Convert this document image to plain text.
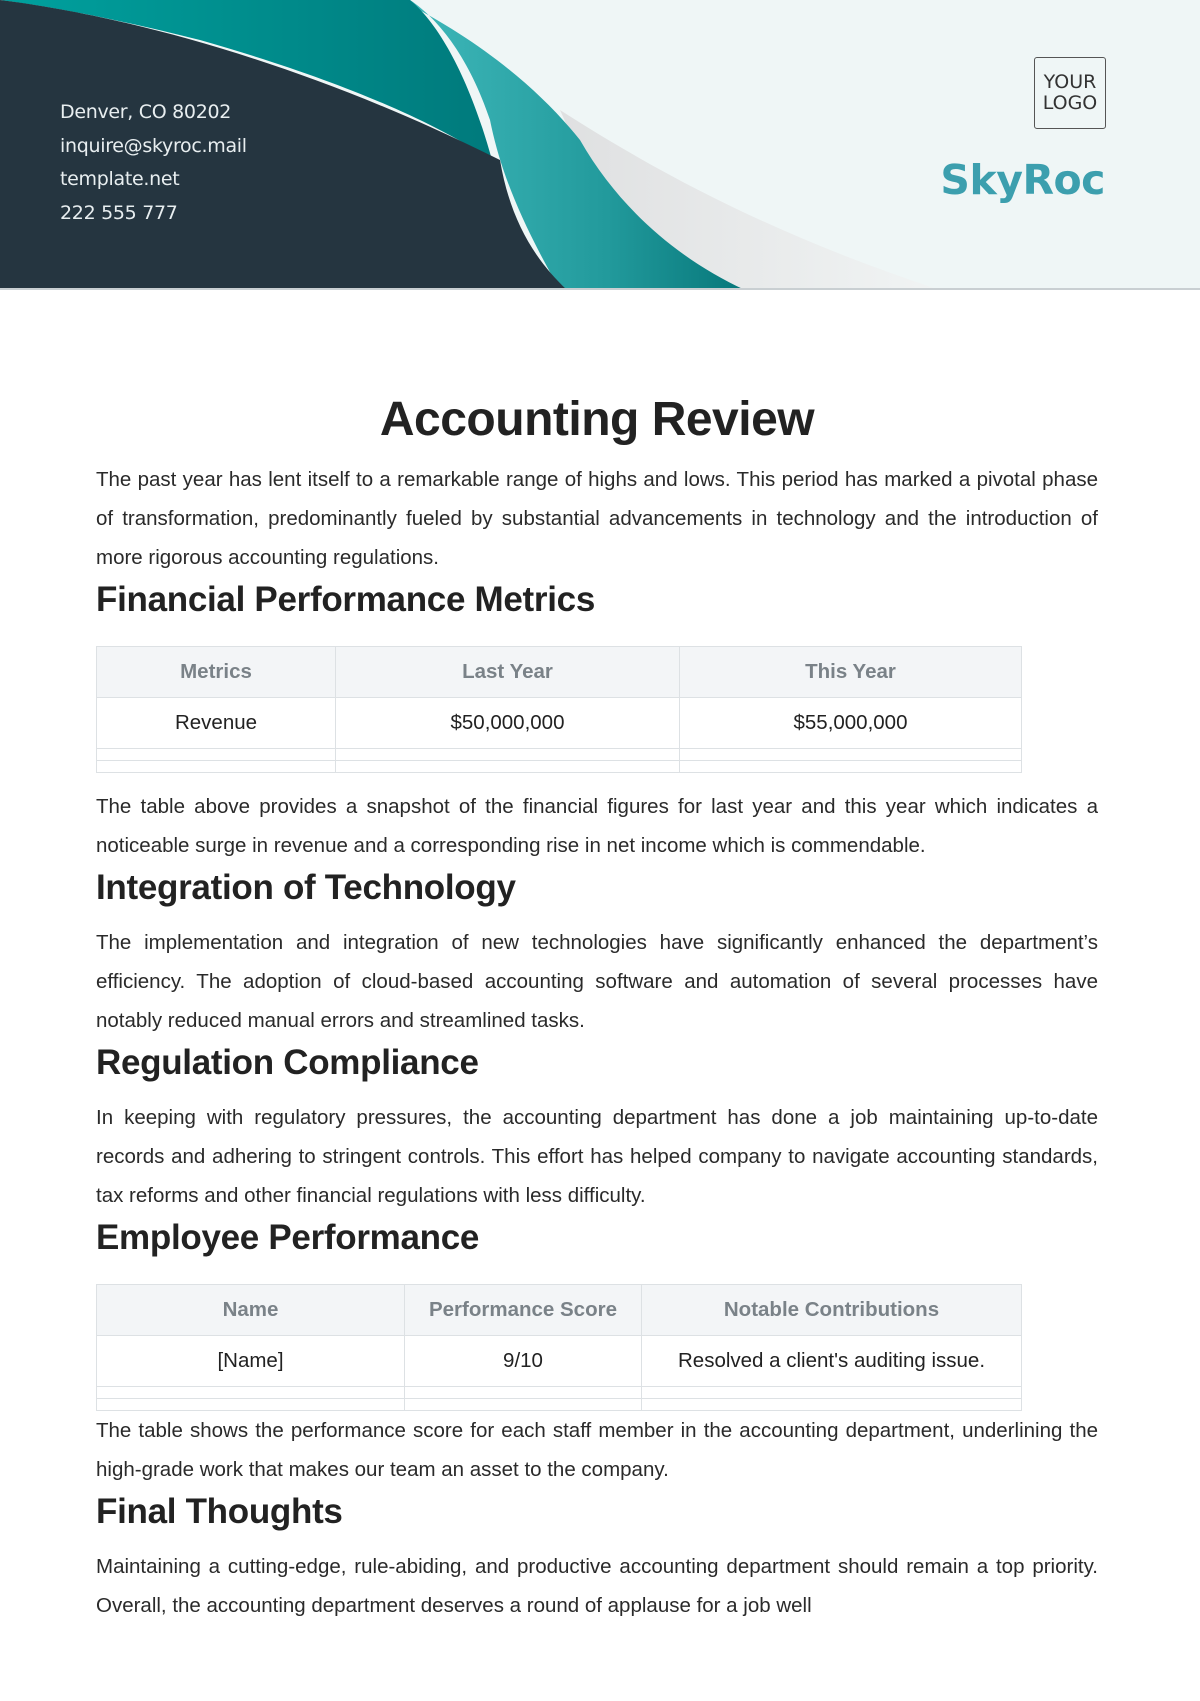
Denver, CO 80202
inquire@skyroc.mail
template.net
222 555 777
YOUR
LOGO
SkyRoc
Accounting Review

The past year has lent itself to a remarkable range of highs and lows. This period has marked a pivotal phase of transformation, predominantly fueled by substantial advancements in technology and the introduction of more rigorous accounting regulations.

Financial Performance Metrics
Metrics	Last Year	This Year
Revenue	$50,000,000	$55,000,000

The table above provides a snapshot of the financial figures for last year and this year which indicates a noticeable surge in revenue and a corresponding rise in net income which is commendable.

Integration of Technology

The implementation and integration of new technologies have significantly enhanced the department’s efficiency. The adoption of cloud-based accounting software and automation of several processes have notably reduced manual errors and streamlined tasks.

Regulation Compliance

In keeping with regulatory pressures, the accounting department has done a job maintaining up-to-date records and adhering to stringent controls. This effort has helped company to navigate accounting standards, tax reforms and other financial regulations with less difficulty.

Employee Performance
Name	Performance Score	Notable Contributions
[Name]	9/10	Resolved a client's auditing issue.

The table shows the performance score for each staff member in the accounting department, underlining the high-grade work that makes our team an asset to the company.

Final Thoughts

Maintaining a cutting-edge, rule-abiding, and productive accounting department should remain a top priority. Overall, the accounting department deserves a round of applause for a job well
